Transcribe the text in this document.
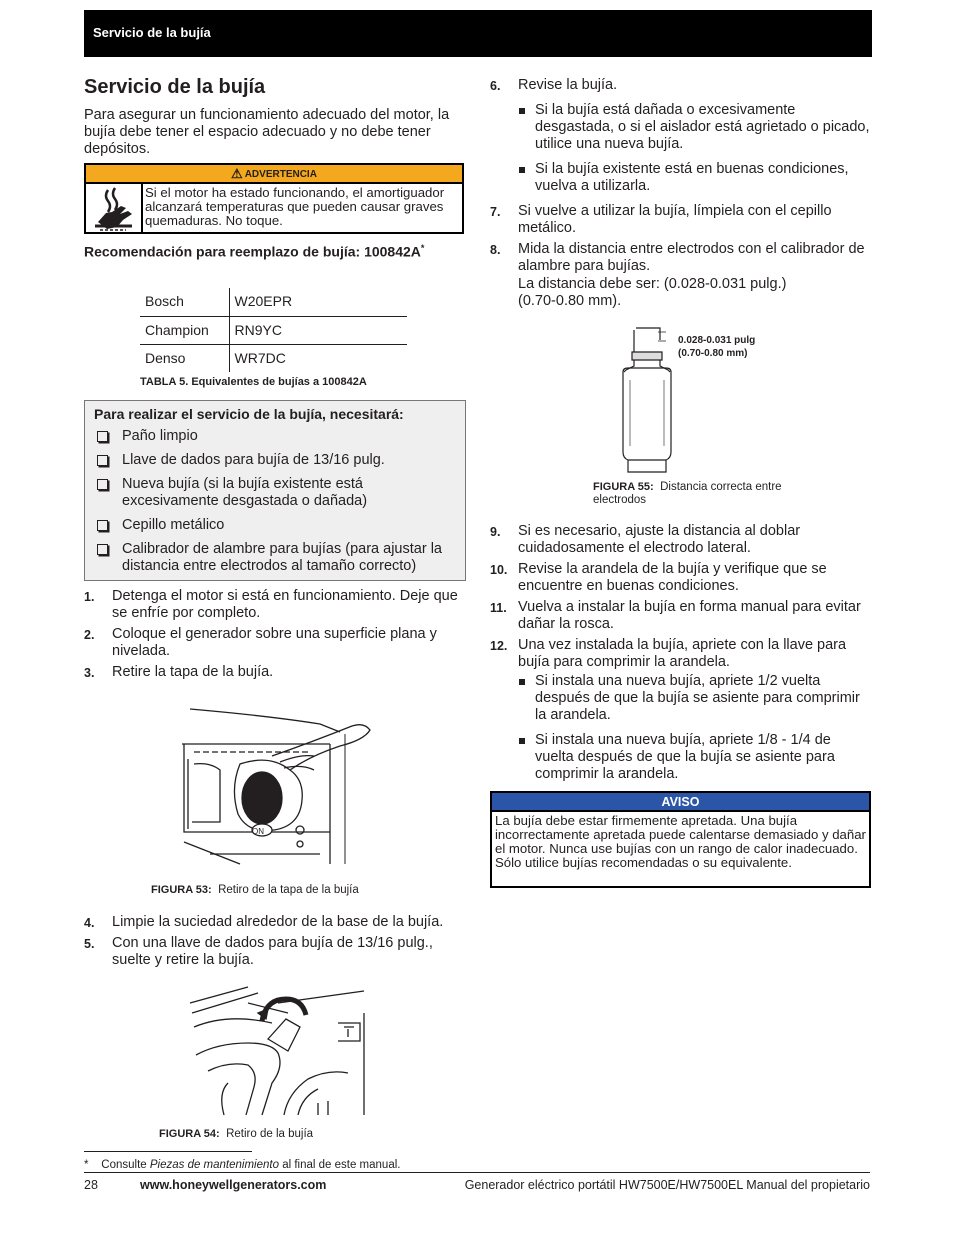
Servicio de la bujía
Servicio de la bujía

Para asegurar un funcionamiento adecuado del motor, la bujía debe tener el espacio adecuado y no debe tener depósitos.

⚠ ADVERTENCIA
Si el motor ha estado funcionando, el amortiguador alcanzará temperaturas que pueden causar graves quemaduras. No toque.
Recomendación para reemplazo de bujía: 100842A*
Bosch	W20EPR
Champion	RN9YC
Denso	WR7DC
TABLA 5. Equivalentes de bujías a 100842A
Para realizar el servicio de la bujía, necesitará:
Paño limpio
Llave de dados para bujía de 13/16 pulg.
Nueva bujía (si la bujía existente está excesivamente desgastada o dañada)
Cepillo metálico
Calibrador de alambre para bujías (para ajustar la distancia entre electrodos al tamaño correcto)
1. Detenga el motor si está en funcionamiento. Deje que se enfríe por completo.
2. Coloque el generador sobre una superficie plana y nivelada.
3. Retire la tapa de la bujía.
ON
FIGURA 53: Retiro de la tapa de la bujía
4. Limpie la suciedad alrededor de la base de la bujía.
5. Con una llave de dados para bujía de 13/16 pulg., suelte y retire la bujía.
FIGURA 54: Retiro de la bujía
6. Revise la bujía.
Si la bujía está dañada o excesivamente desgastada, o si el aislador está agrietado o picado, utilice una nueva bujía.
Si la bujía existente está en buenas condiciones, vuelva a utilizarla.
7. Si vuelve a utilizar la bujía, límpiela con el cepillo metálico.
8. Mida la distancia entre electrodos con el calibrador de alambre para bujías.

La distancia debe ser: (0.028-0.031 pulg.) (0.70-0.80 mm).

0.028-0.031 pulg
(0.70-0.80 mm)
FIGURA 55: Distancia correcta entre electrodos
9. Si es necesario, ajuste la distancia al doblar cuidadosamente el electrodo lateral.
10. Revise la arandela de la bujía y verifique que se encuentre en buenas condiciones.
11. Vuelva a instalar la bujía en forma manual para evitar dañar la rosca.
12. Una vez instalada la bujía, apriete con la llave para bujía para comprimir la arandela.
Si instala una nueva bujía, apriete 1/2 vuelta después de que la bujía se asiente para comprimir la arandela.
Si instala una nueva bujía, apriete 1/8 - 1/4 de vuelta después de que la bujía se asiente para comprimir la arandela.
AVISO
La bujía debe estar firmemente apretada. Una bujía incorrectamente apretada puede calentarse demasiado y dañar el motor. Nunca use bujías con un rango de calor inadecuado. Sólo utilice bujías recomendadas o su equivalente.
* Consulte Piezas de mantenimiento al final de este manual.
28	www.honeywellgenerators.com	Generador eléctrico portátil HW7500E/HW7500EL Manual del propietario
